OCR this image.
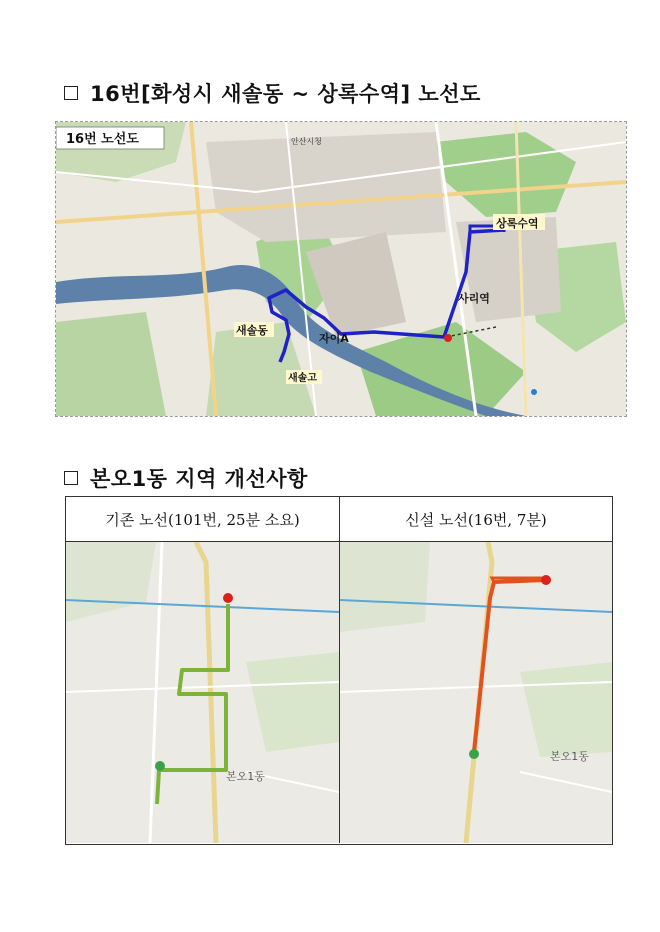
16번[화성시 새솔동 ~ 상록수역] 노선도
16번 노선도
상록수역
사리역
새솔동
자이A
새솔고
안산시청
본오1동 지역 개선사항
기존 노선(101번, 25분 소요)	신설 노선(16번, 7분)
본오1동
본오1동
